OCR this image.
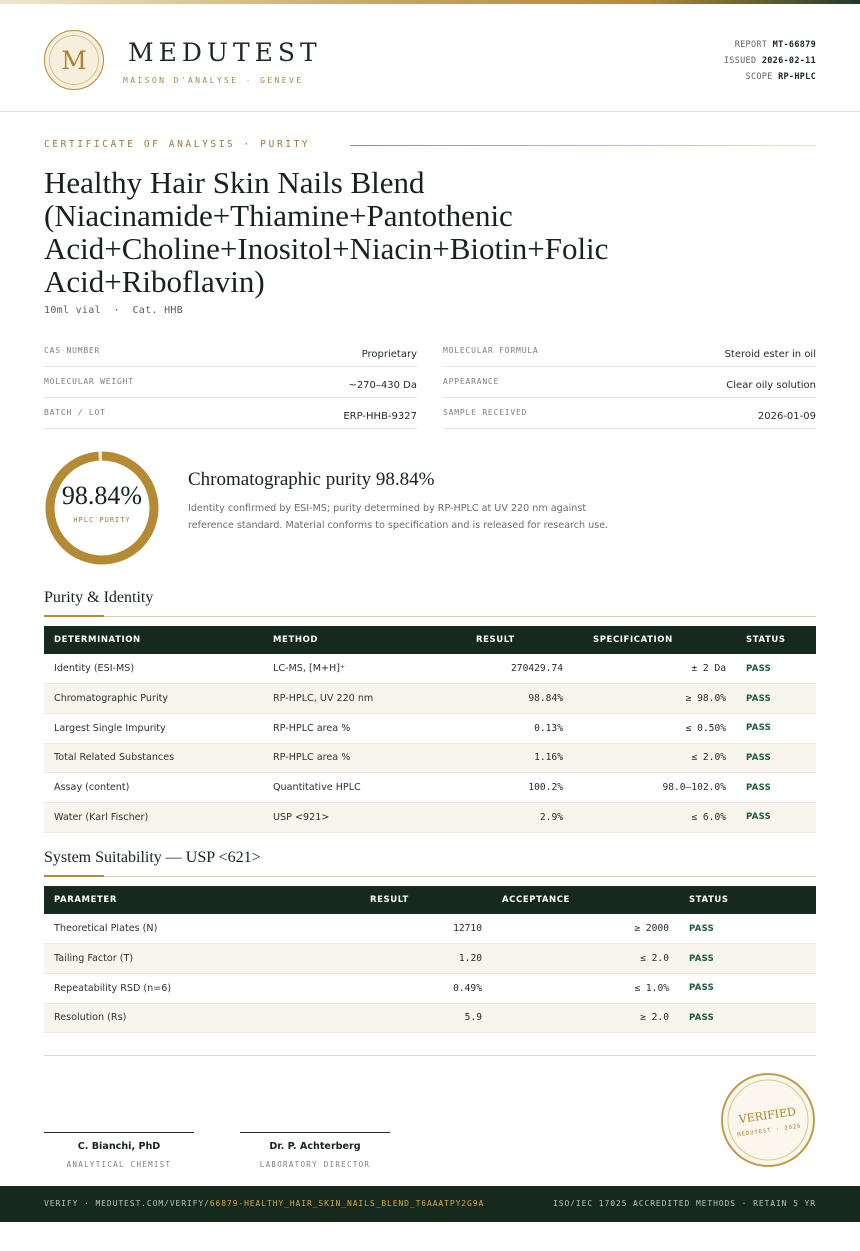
M	MEDUTEST
MAISON D'ANALYSE · GENÈVE
REPORT MT-66879
ISSUED 2026-02-11
SCOPE RP-HPLC
CERTIFICATE OF ANALYSIS · PURITY
Healthy Hair Skin Nails Blend (Niacinamide+Thiamine+Pantothenic Acid+Choline+Inositol+Niacin+Biotin+Folic Acid+Riboflavin)
10ml vial  ·  Cat. HHB
CAS NUMBER	Proprietary	MOLECULAR FORMULA	Steroid ester in oil
MOLECULAR WEIGHT	~270–430 Da	APPEARANCE	Clear oily solution
BATCH / LOT	ERP-HHB-9327	SAMPLE RECEIVED	2026-01-09
98.84%
HPLC PURITY
Chromatographic purity 98.84%
Identity confirmed by ESI-MS; purity determined by RP-HPLC at UV 220 nm against reference standard. Material conforms to specification and is released for research use.
Purity & Identity
DETERMINATION	METHOD	RESULT	SPECIFICATION	STATUS
Identity (ESI-MS)	LC-MS, [M+H]⁺	270429.74	± 2 Da	PASS
Chromatographic Purity	RP-HPLC, UV 220 nm	98.84%	≥ 98.0%	PASS
Largest Single Impurity	RP-HPLC area %	0.13%	≤ 0.50%	PASS
Total Related Substances	RP-HPLC area %	1.16%	≤ 2.0%	PASS
Assay (content)	Quantitative HPLC	100.2%	98.0–102.0%	PASS
Water (Karl Fischer)	USP <921>	2.9%	≤ 6.0%	PASS
System Suitability — USP <621>
PARAMETER	RESULT	ACCEPTANCE	STATUS
Theoretical Plates (N)	12710	≥ 2000	PASS
Tailing Factor (T)	1.20	≤ 2.0	PASS
Repeatability RSD (n=6)	0.49%	≤ 1.0%	PASS
Resolution (Rs)	5.9	≥ 2.0	PASS
C. Bianchi, PhD
ANALYTICAL CHEMIST
Dr. P. Achterberg
LABORATORY DIRECTOR
VERIFIED
MEDUTEST · 2026
VERIFY · MEDUTEST.COM/VERIFY/66879-HEALTHY_HAIR_SKIN_NAILS_BLEND_T6AAATPY2G9A	ISO/IEC 17025 ACCREDITED METHODS · RETAIN 5 YR
